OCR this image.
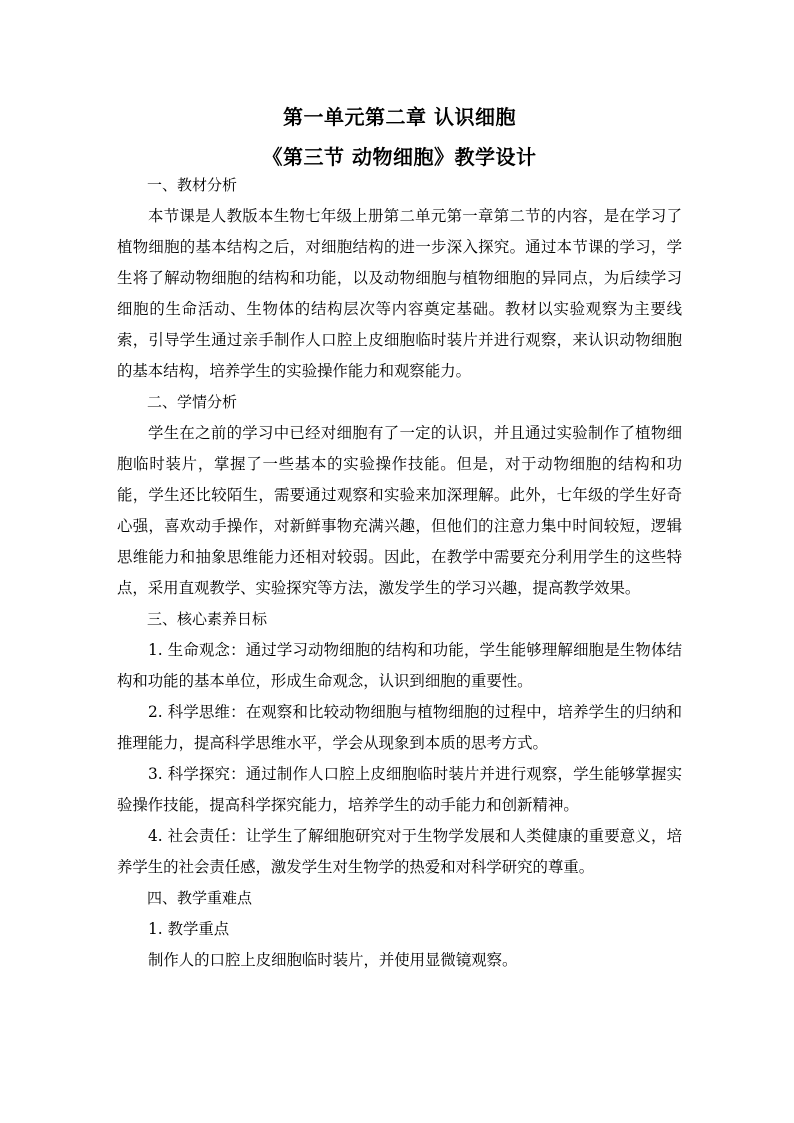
第一单元第二章 认识细胞

《第三节 动物细胞》教学设计

一、教材分析

本节课是人教版本生物七年级上册第二单元第一章第二节的内容，是在学习了植物细胞的基本结构之后，对细胞结构的进一步深入探究。通过本节课的学习，学生将了解动物细胞的结构和功能，以及动物细胞与植物细胞的异同点，为后续学习细胞的生命活动、生物体的结构层次等内容奠定基础。教材以实验观察为主要线索，引导学生通过亲手制作人口腔上皮细胞临时装片并进行观察，来认识动物细胞的基本结构，培养学生的实验操作能力和观察能力。

二、学情分析

学生在之前的学习中已经对细胞有了一定的认识，并且通过实验制作了植物细胞临时装片，掌握了一些基本的实验操作技能。但是，对于动物细胞的结构和功能，学生还比较陌生，需要通过观察和实验来加深理解。此外，七年级的学生好奇心强，喜欢动手操作，对新鲜事物充满兴趣，但他们的注意力集中时间较短，逻辑思维能力和抽象思维能力还相对较弱。因此，在教学中需要充分利用学生的这些特点，采用直观教学、实验探究等方法，激发学生的学习兴趣，提高教学效果。

三、核心素养日标

1. 生命观念：通过学习动物细胞的结构和功能，学生能够理解细胞是生物体结构和功能的基本单位，形成生命观念，认识到细胞的重要性。

2. 科学思维：在观察和比较动物细胞与植物细胞的过程中，培养学生的归纳和推理能力，提高科学思维水平，学会从现象到本质的思考方式。

3. 科学探究：通过制作人口腔上皮细胞临时装片并进行观察，学生能够掌握实验操作技能，提高科学探究能力，培养学生的动手能力和创新精神。

4. 社会责任：让学生了解细胞研究对于生物学发展和人类健康的重要意义，培养学生的社会责任感，激发学生对生物学的热爱和对科学研究的尊重。

四、教学重难点

1. 教学重点

制作人的口腔上皮细胞临时装片，并使用显微镜观察。
